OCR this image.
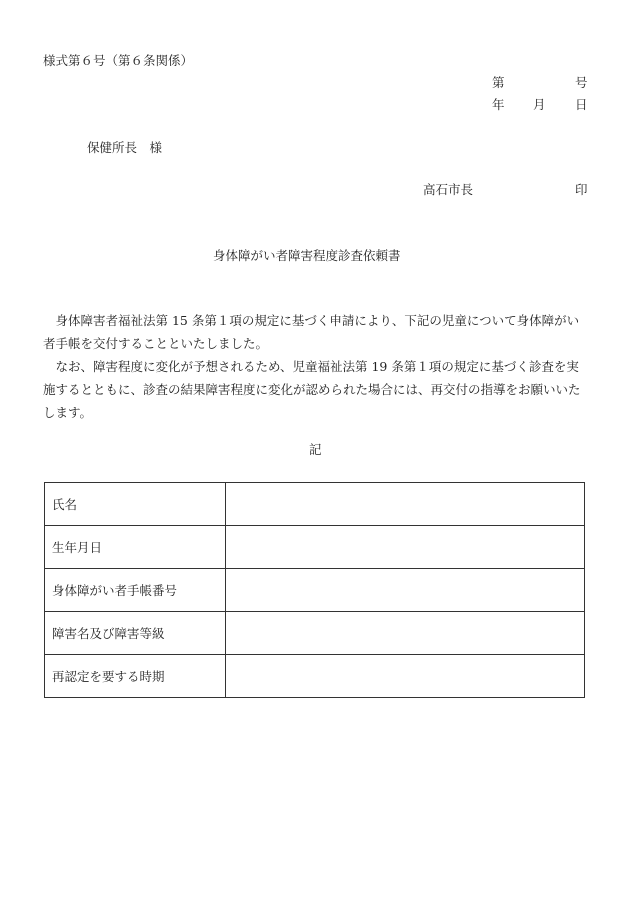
様式第６号（第６条関係）
第	号
年 月 日
保健所長　様
高石市長	印
身体障がい者障害程度診査依頼書
身体障害者福祉法第 15 条第１項の規定に基づく申請により、下記の児童について身体障がい者手帳を交付することといたしました。
なお、障害程度に変化が予想されるため、児童福祉法第 19 条第１項の規定に基づく診査を実施するとともに、診査の結果障害程度に変化が認められた場合には、再交付の指導をお願いいたします。
記
氏名	
生年月日	
身体障がい者手帳番号	
障害名及び障害等級	
再認定を要する時期	
